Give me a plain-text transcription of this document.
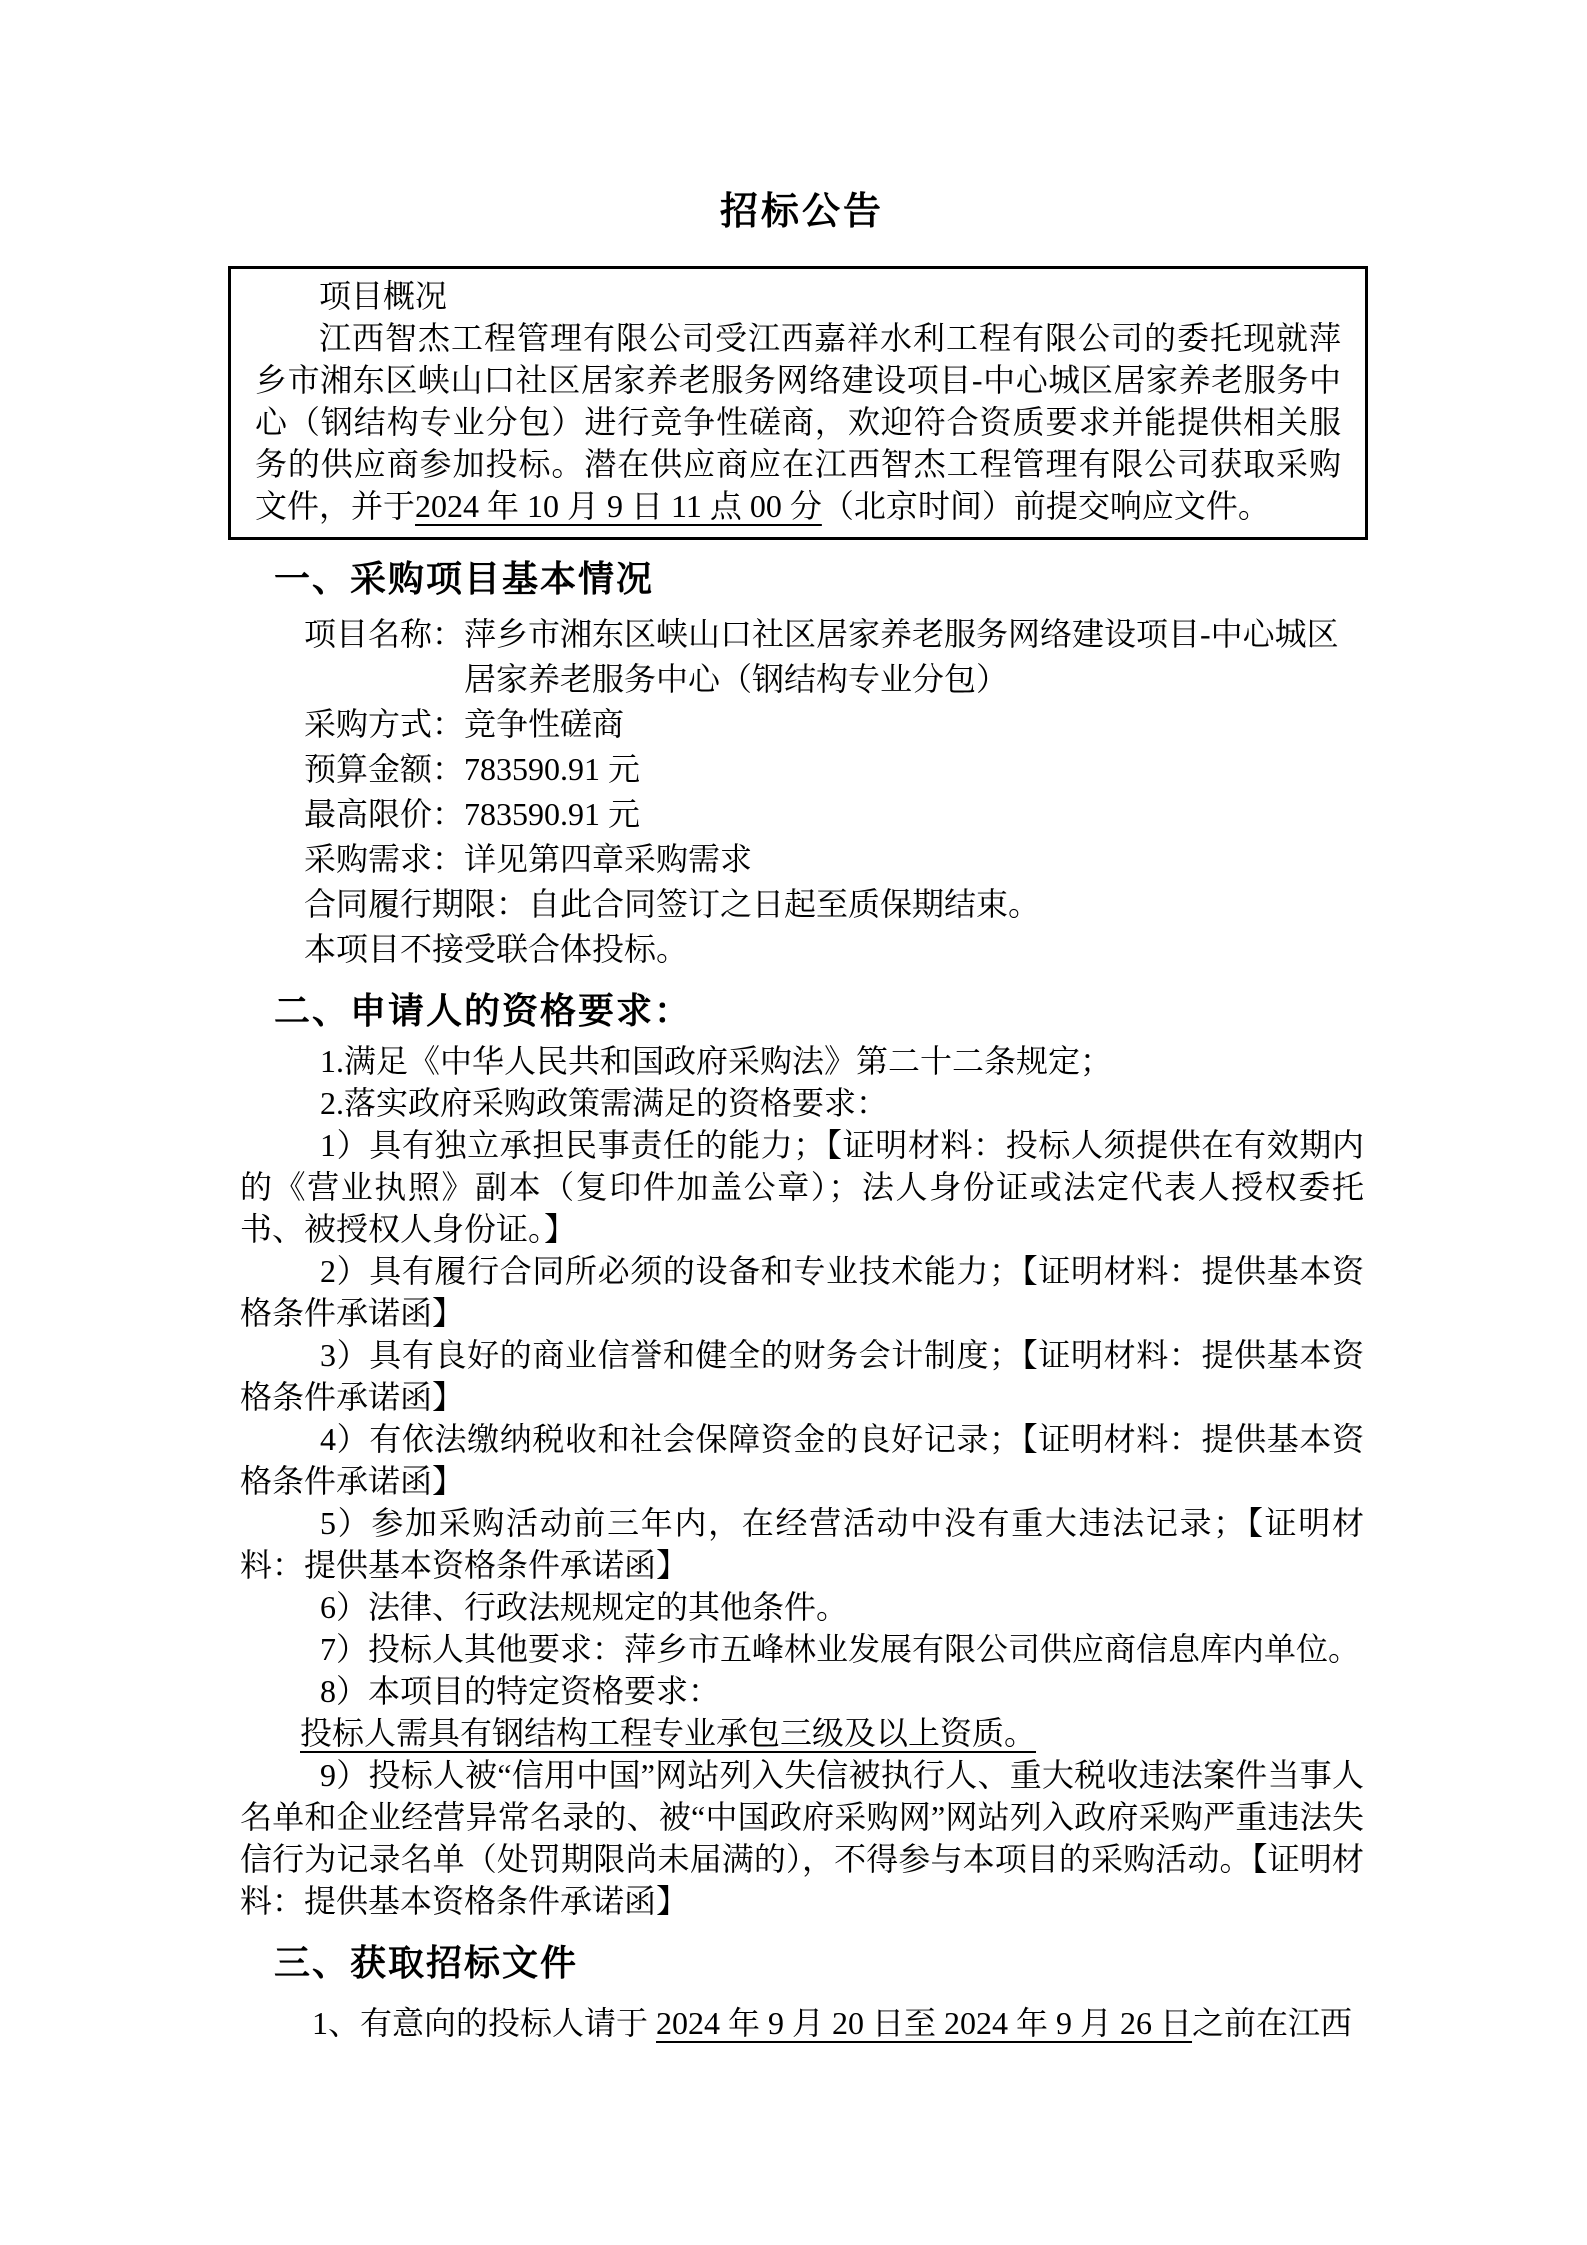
招标公告

项目概况

江西智杰工程管理有限公司受江西嘉祥水利工程有限公司的委托现就萍乡市湘东区峡山口社区居家养老服务网络建设项目-中心城区居家养老服务中心（钢结构专业分包）进行竞争性磋商，欢迎符合资质要求并能提供相关服务的供应商参加投标。潜在供应商应在江西智杰工程管理有限公司获取采购文件，并于2024 年 10 月 9 日 11 点 00 分（北京时间）前提交响应文件。

一、采购项目基本情况
项目名称： 萍乡市湘东区峡山口社区居家养老服务网络建设项目-中心城区居家养老服务中心（钢结构专业分包）
采购方式： 竞争性磋商
预算金额： 783590.91 元
最高限价： 783590.91 元
采购需求： 详见第四章采购需求
合同履行期限： 自此合同签订之日起至质保期结束。

本项目不接受联合体投标。

二、申请人的资格要求：

1.满足《中华人民共和国政府采购法》第二十二条规定；

2.落实政府采购政策需满足的资格要求：

1）具有独立承担民事责任的能力；【证明材料：投标人须提供在有效期内的《营业执照》副本（复印件加盖公章）；法人身份证或法定代表人授权委托书、被授权人身份证。】

2）具有履行合同所必须的设备和专业技术能力；【证明材料：提供基本资格条件承诺函】

3）具有良好的商业信誉和健全的财务会计制度；【证明材料：提供基本资格条件承诺函】

4）有依法缴纳税收和社会保障资金的良好记录；【证明材料：提供基本资格条件承诺函】

5）参加采购活动前三年内，在经营活动中没有重大违法记录；【证明材料：提供基本资格条件承诺函】

6）法律、行政法规规定的其他条件。

7）投标人其他要求：萍乡市五峰林业发展有限公司供应商信息库内单位。

8）本项目的特定资格要求：

投标人需具有钢结构工程专业承包三级及以上资质。

9）投标人被“信用中国”网站列入失信被执行人、重大税收违法案件当事人名单和企业经营异常名录的、被“中国政府采购网”网站列入政府采购严重违法失信行为记录名单（处罚期限尚未届满的），不得参与本项目的采购活动。【证明材料：提供基本资格条件承诺函】

三、获取招标文件

1、有意向的投标人请于 2024 年 9 月 20 日至 2024 年 9 月 26 日之前在江西
